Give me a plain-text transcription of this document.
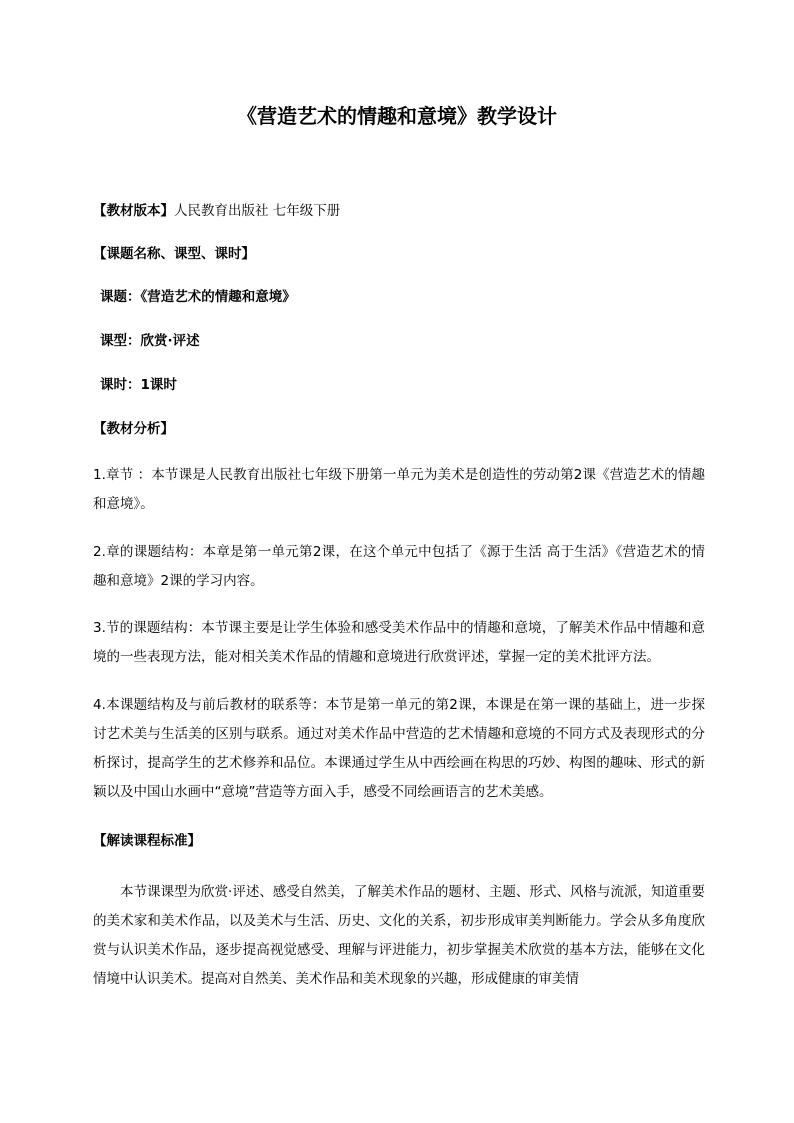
《营造艺术的情趣和意境》教学设计
【教材版本】人民教育出版社 七年级下册
【课题名称、课型、课时】
课题：《营造艺术的情趣和意境》
课型：欣赏·评述
课时：1课时
【教材分析】
1.章节 ：本节课是人民教育出版社七年级下册第一单元为美术是创造性的劳动第2课《营造艺术的情趣和意境》。
2.章的课题结构：本章是第一单元第2课，在这个单元中包括了《源于生活 高于生活》《营造艺术的情趣和意境》2课的学习内容。
3.节的课题结构：本节课主要是让学生体验和感受美术作品中的情趣和意境，了解美术作品中情趣和意境的一些表现方法，能对相关美术作品的情趣和意境进行欣赏评述，掌握一定的美术批评方法。
4.本课题结构及与前后教材的联系等：本节是第一单元的第2课，本课是在第一课的基础上，进一步探讨艺术美与生活美的区别与联系。通过对美术作品中营造的艺术情趣和意境的不同方式及表现形式的分析探讨，提高学生的艺术修养和品位。本课通过学生从中西绘画在构思的巧妙、构图的趣味、形式的新颖以及中国山水画中“意境”营造等方面入手，感受不同绘画语言的艺术美感。
【解读课程标准】
本节课课型为欣赏·评述、感受自然美，了解美术作品的题材、主题、形式、风格与流派，知道重要的美术家和美术作品，以及美术与生活、历史、文化的关系，初步形成审美判断能力。学会从多角度欣赏与认识美术作品，逐步提高视觉感受、理解与评进能力，初步掌握美术欣赏的基本方法，能够在文化情境中认识美术。提高对自然美、美术作品和美术现象的兴趣，形成健康的审美情
